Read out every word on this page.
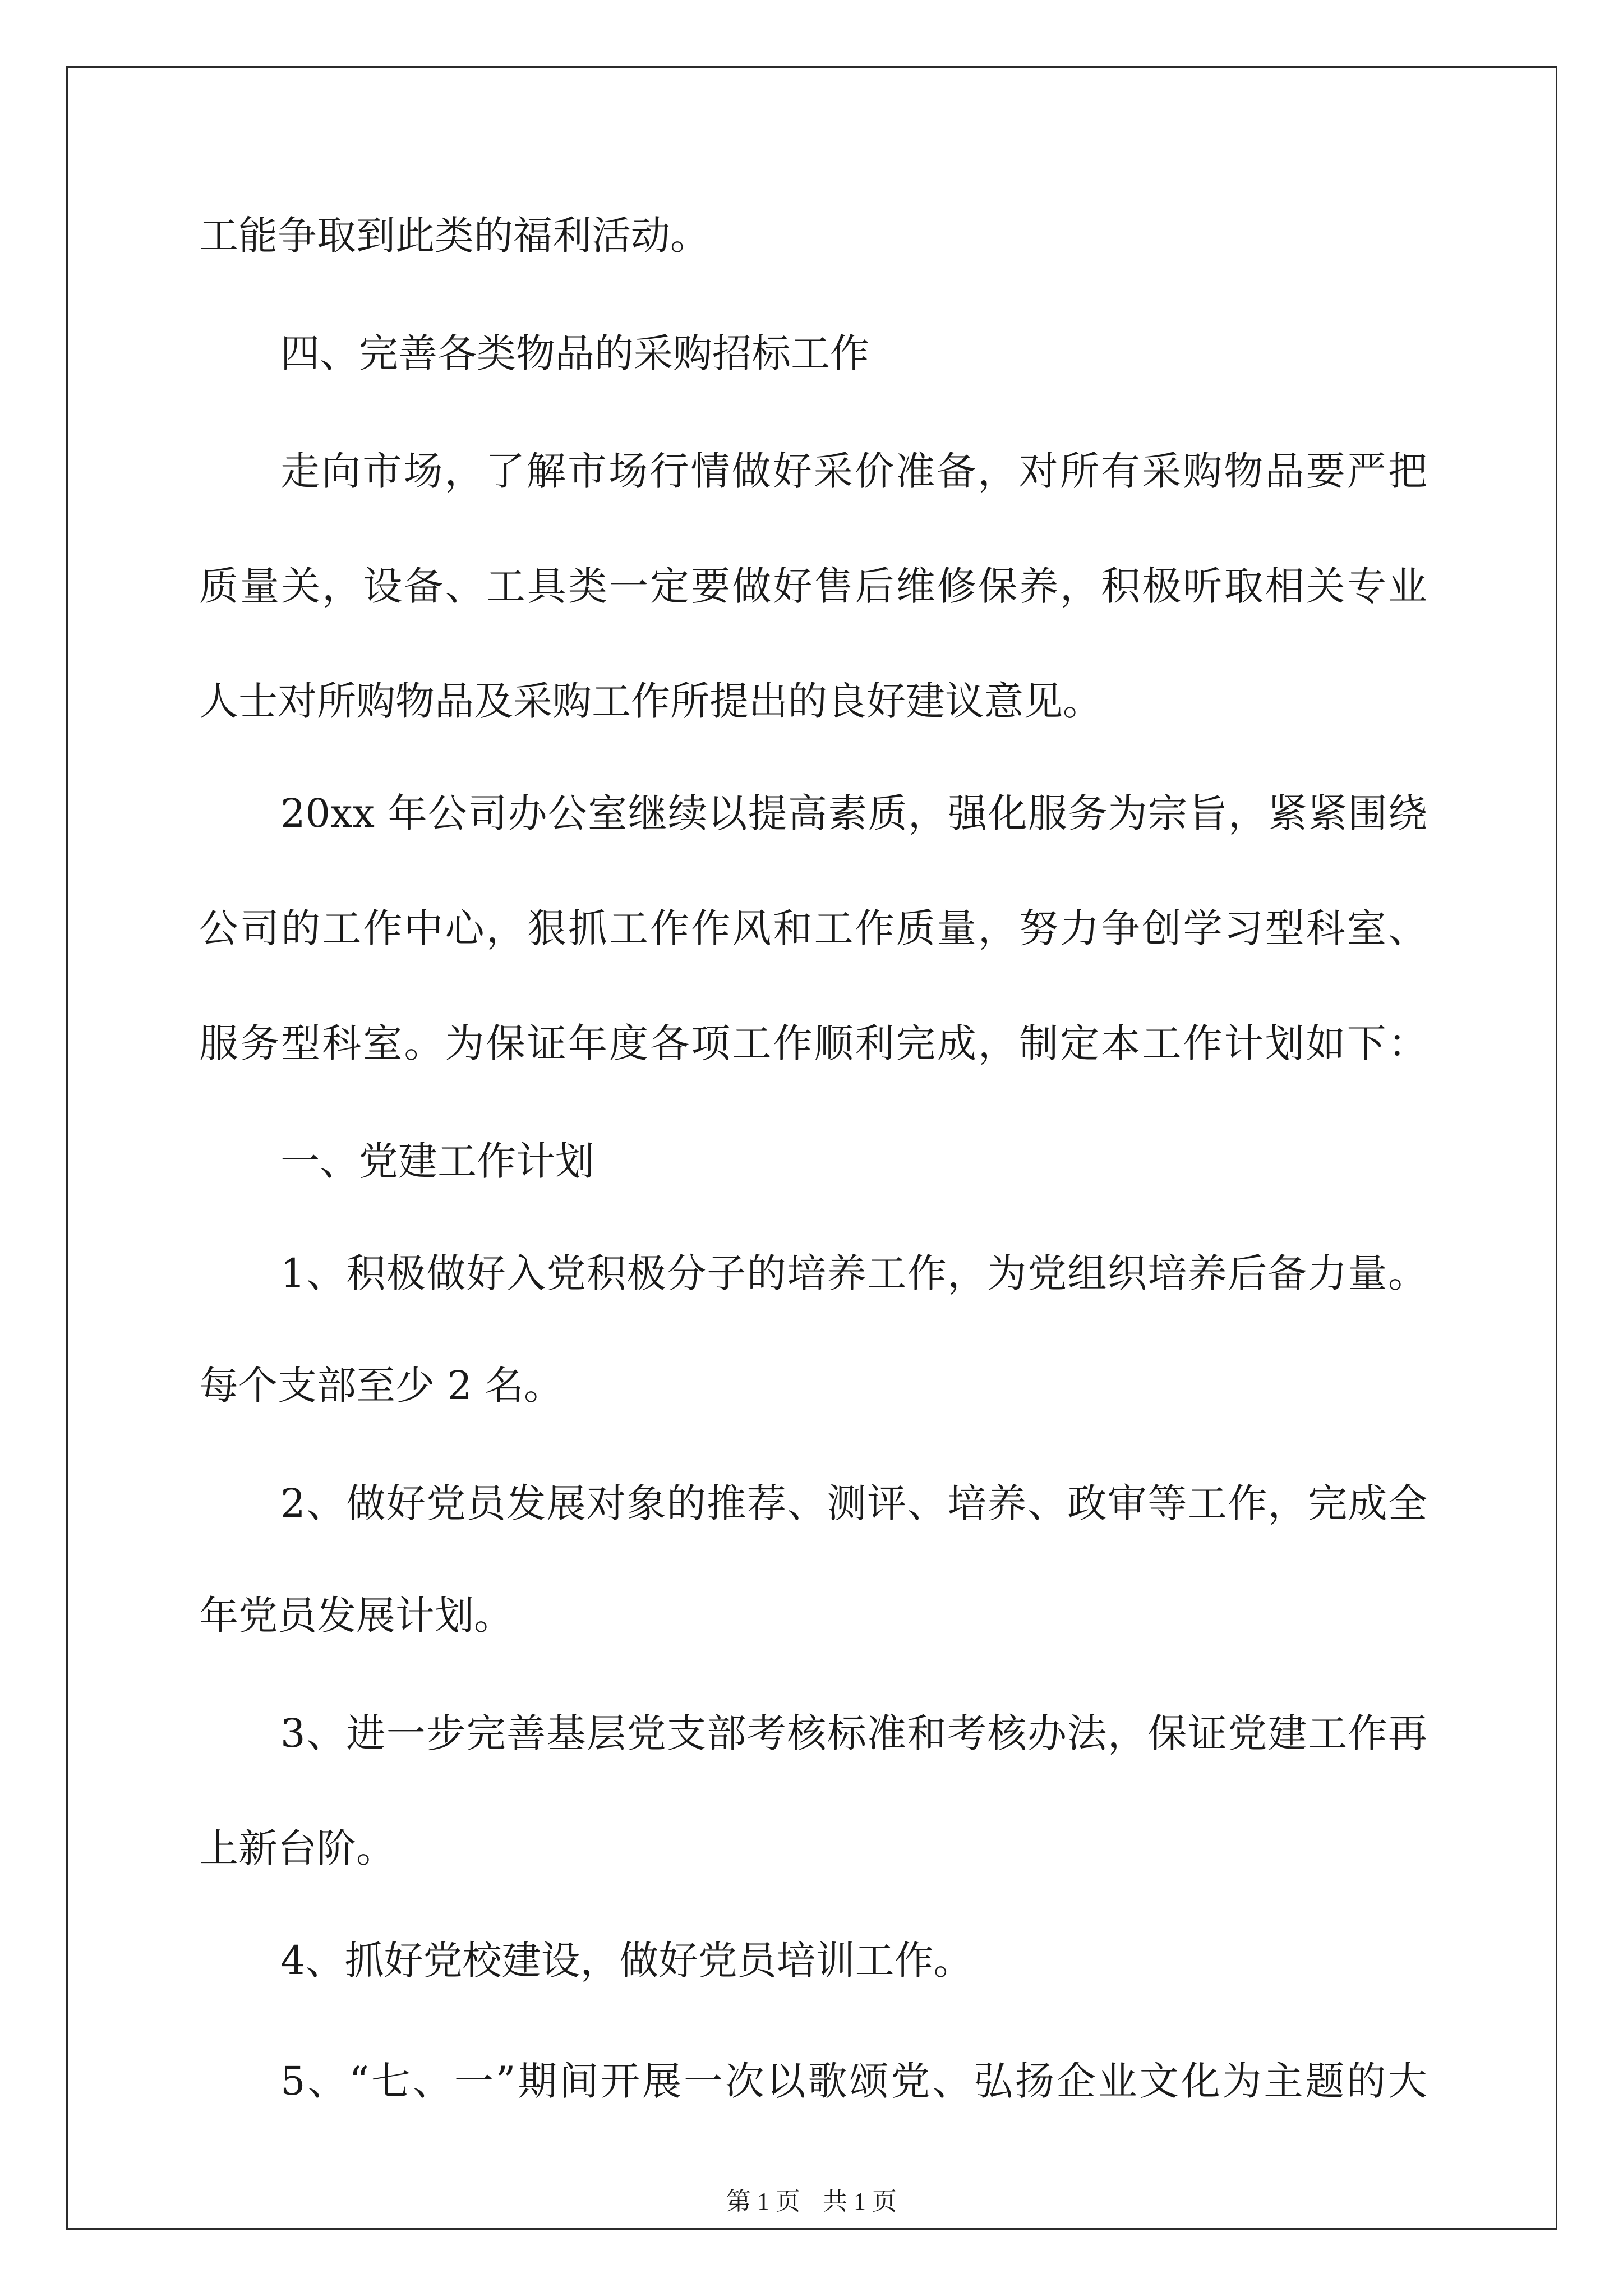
工能争取到此类的福利活动。
四、完善各类物品的采购招标工作
走向市场，了解市场行情做好采价准备，对所有采购物品要严把
质量关，设备、工具类一定要做好售后维修保养，积极听取相关专业
人士对所购物品及采购工作所提出的良好建议意见。
20xx 年公司办公室继续以提高素质，强化服务为宗旨，紧紧围绕
公司的工作中心，狠抓工作作风和工作质量，努力争创学习型科室、
服务型科室。为保证年度各项工作顺利完成，制定本工作计划如下：
一、党建工作计划
1、积极做好入党积极分子的培养工作，为党组织培养后备力量。
每个支部至少 2 名。
2、做好党员发展对象的推荐、测评、培养、政审等工作，完成全
年党员发展计划。
3、进一步完善基层党支部考核标准和考核办法，保证党建工作再
上新台阶。
4、抓好党校建设，做好党员培训工作。
5、“七、一”期间开展一次以歌颂党、弘扬企业文化为主题的大
第 1 页 共 1 页
